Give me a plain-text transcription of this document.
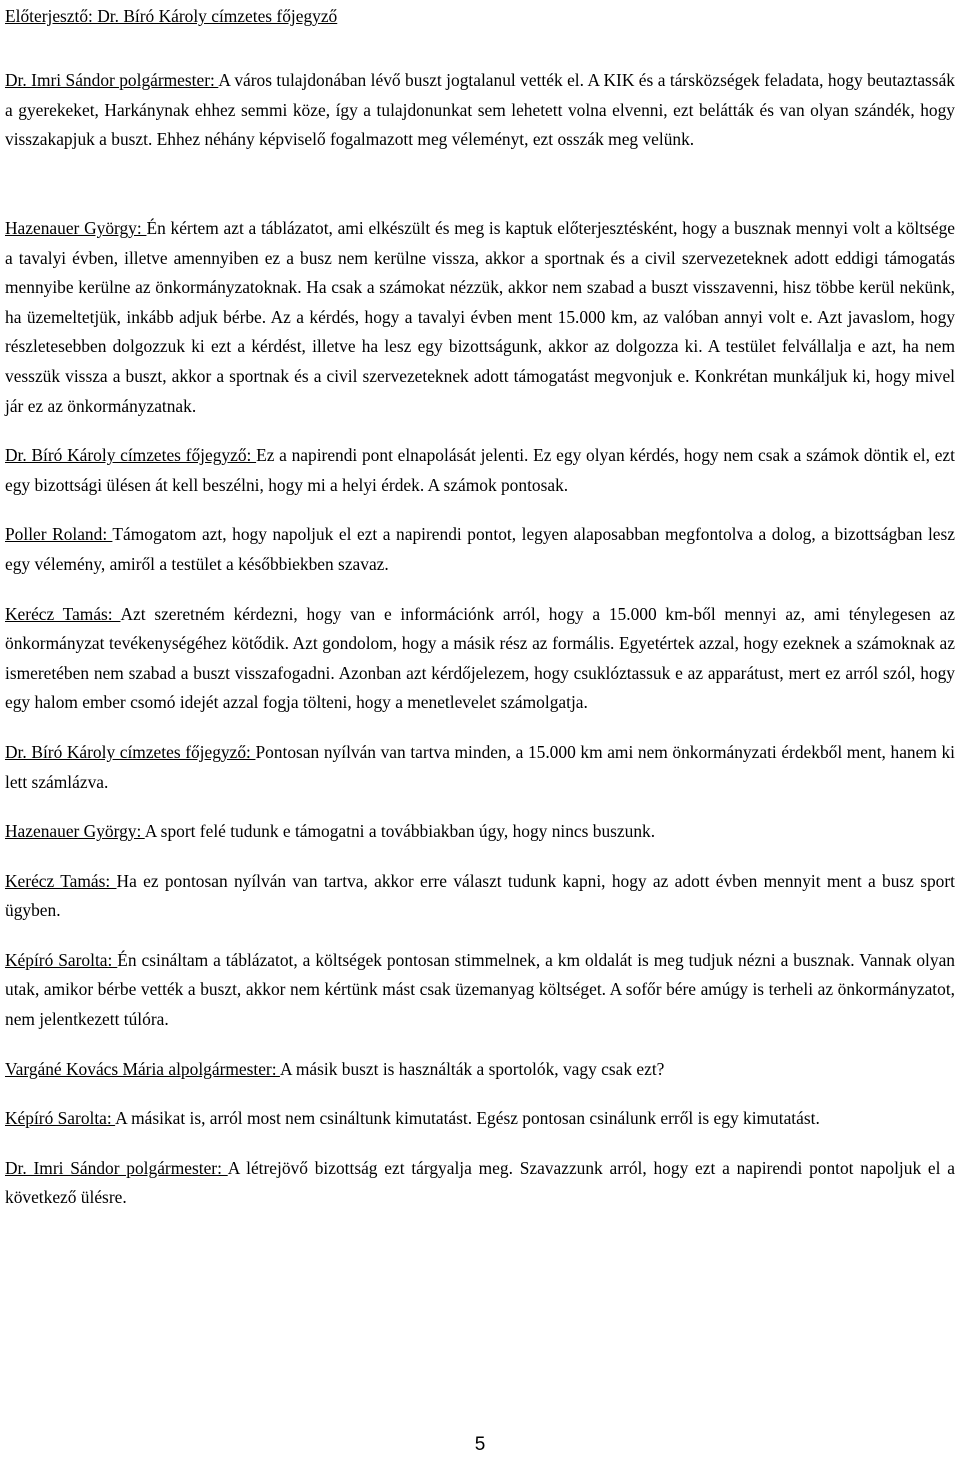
Előterjesztő: Dr. Bíró Károly címzetes főjegyző

Dr. Imri Sándor polgármester: A város tulajdonában lévő buszt jogtalanul vették el. A KIK és a társközségek feladata, hogy beutaztassák a gyerekeket, Harkánynak ehhez semmi köze, így a tulajdonunkat sem lehetett volna elvenni, ezt belátták és van olyan szándék, hogy visszakapjuk a buszt. Ehhez néhány képviselő fogalmazott meg véleményt, ezt osszák meg velünk.

Hazenauer György: Én kértem azt a táblázatot, ami elkészült és meg is kaptuk előterjesztésként, hogy a busznak mennyi volt a költsége a tavalyi évben, illetve amennyiben ez a busz nem kerülne vissza, akkor a sportnak és a civil szervezeteknek adott eddigi támogatás mennyibe kerülne az önkormányzatoknak. Ha csak a számokat nézzük, akkor nem szabad a buszt visszavenni, hisz többe kerül nekünk, ha üzemeltetjük, inkább adjuk bérbe. Az a kérdés, hogy a tavalyi évben ment 15.000 km, az valóban annyi volt e. Azt javaslom, hogy részletesebben dolgozzuk ki ezt a kérdést, illetve ha lesz egy bizottságunk, akkor az dolgozza ki. A testület felvállalja e azt, ha nem vesszük vissza a buszt, akkor a sportnak és a civil szervezeteknek adott támogatást megvonjuk e. Konkrétan munkáljuk ki, hogy mivel jár ez az önkormányzatnak.

Dr. Bíró Károly címzetes főjegyző: Ez a napirendi pont elnapolását jelenti. Ez egy olyan kérdés, hogy nem csak a számok döntik el, ezt egy bizottsági ülésen át kell beszélni, hogy mi a helyi érdek. A számok pontosak.

Poller Roland: Támogatom azt, hogy napoljuk el ezt a napirendi pontot, legyen alaposabban megfontolva a dolog, a bizottságban lesz egy vélemény, amiről a testület a későbbiekben szavaz.

Kerécz Tamás: Azt szeretném kérdezni, hogy van e információnk arról, hogy a 15.000 km-ből mennyi az, ami ténylegesen az önkormányzat tevékenységéhez kötődik. Azt gondolom, hogy a másik rész az formális. Egyetértek azzal, hogy ezeknek a számoknak az ismeretében nem szabad a buszt visszafogadni. Azonban azt kérdőjelezem, hogy csuklóztassuk e az apparátust, mert ez arról szól, hogy egy halom ember csomó idejét azzal fogja tölteni, hogy a menetlevelet számolgatja.

Dr. Bíró Károly címzetes főjegyző: Pontosan nyílván van tartva minden, a 15.000 km ami nem önkormányzati érdekből ment, hanem ki lett számlázva.

Hazenauer György: A sport felé tudunk e támogatni a továbbiakban úgy, hogy nincs buszunk.

Kerécz Tamás: Ha ez pontosan nyílván van tartva, akkor erre választ tudunk kapni, hogy az adott évben mennyit ment a busz sport ügyben.

Képíró Sarolta: Én csináltam a táblázatot, a költségek pontosan stimmelnek, a km oldalát is meg tudjuk nézni a busznak. Vannak olyan utak, amikor bérbe vették a buszt, akkor nem kértünk mást csak üzemanyag költséget. A sofőr bére amúgy is terheli az önkormányzatot, nem jelentkezett túlóra.

Vargáné Kovács Mária alpolgármester: A másik buszt is használták a sportolók, vagy csak ezt?

Képíró Sarolta: A másikat is, arról most nem csináltunk kimutatást. Egész pontosan csinálunk erről is egy kimutatást.

Dr. Imri Sándor polgármester: A létrejövő bizottság ezt tárgyalja meg. Szavazzunk arról, hogy ezt a napirendi pontot napoljuk el a következő ülésre.

5
